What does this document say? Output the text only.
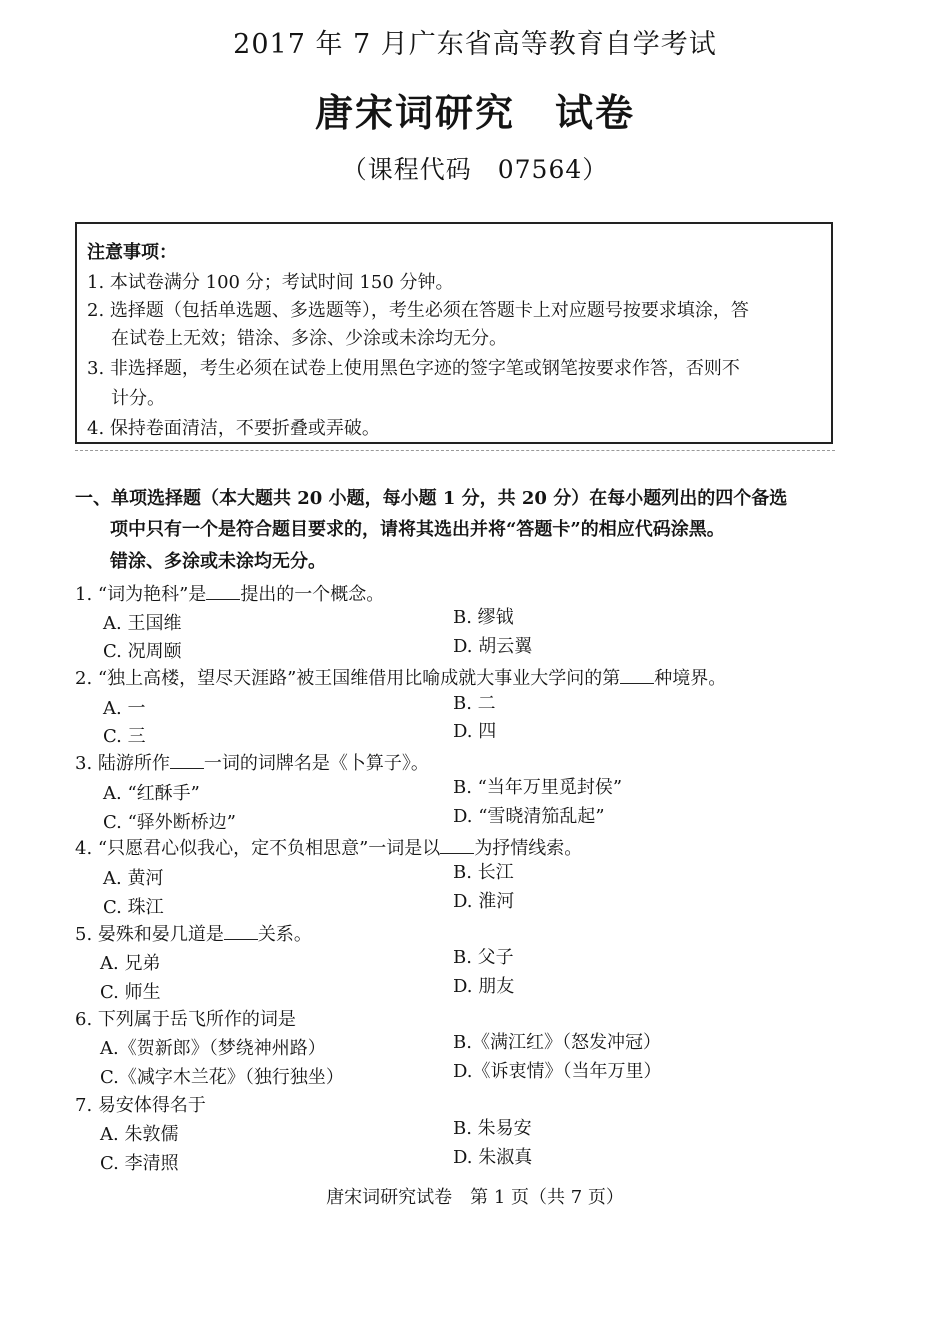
2017 年 7 月广东省高等教育自学考试
唐宋词研究　试卷
（课程代码　07564）
注意事项：
1. 本试卷满分 100 分；考试时间 150 分钟。
2. 选择题（包括单选题、多选题等），考生必须在答题卡上对应题号按要求填涂，答
在试卷上无效；错涂、多涂、少涂或未涂均无分。
3. 非选择题，考生必须在试卷上使用黑色字迹的签字笔或钢笔按要求作答，否则不
计分。
4. 保持卷面清洁，不要折叠或弄破。
一、单项选择题（本大题共 20 小题，每小题 1 分，共 20 分）在每小题列出的四个备选
项中只有一个是符合题目要求的，请将其选出并将“答题卡”的相应代码涂黑。
错涂、多涂或未涂均无分。
1. “词为艳科”是 提出的一个概念。
A. 王国维	B. 缪钺
C. 况周颐	D. 胡云翼
2. “独上高楼，望尽天涯路”被王国维借用比喻成就大事业大学问的第 种境界。
A. 一	B. 二
C. 三	D. 四
3. 陆游所作 一词的词牌名是《卜算子》。
A. “红酥手”	B. “当年万里觅封侯”
C. “驿外断桥边”	D. “雪晓清笳乱起”
4. “只愿君心似我心，定不负相思意”一词是以 为抒情线索。
A. 黄河	B. 长江
C. 珠江	D. 淮河
5. 晏殊和晏几道是 关系。
A. 兄弟	B. 父子
C. 师生	D. 朋友
6. 下列属于岳飞所作的词是
A.《贺新郎》（梦绕神州路）	B.《满江红》（怒发冲冠）
C.《减字木兰花》（独行独坐）	D.《诉衷情》（当年万里）
7. 易安体得名于
A. 朱敦儒	B. 朱易安
C. 李清照	D. 朱淑真
唐宋词研究试卷　第 1 页（共 7 页）
